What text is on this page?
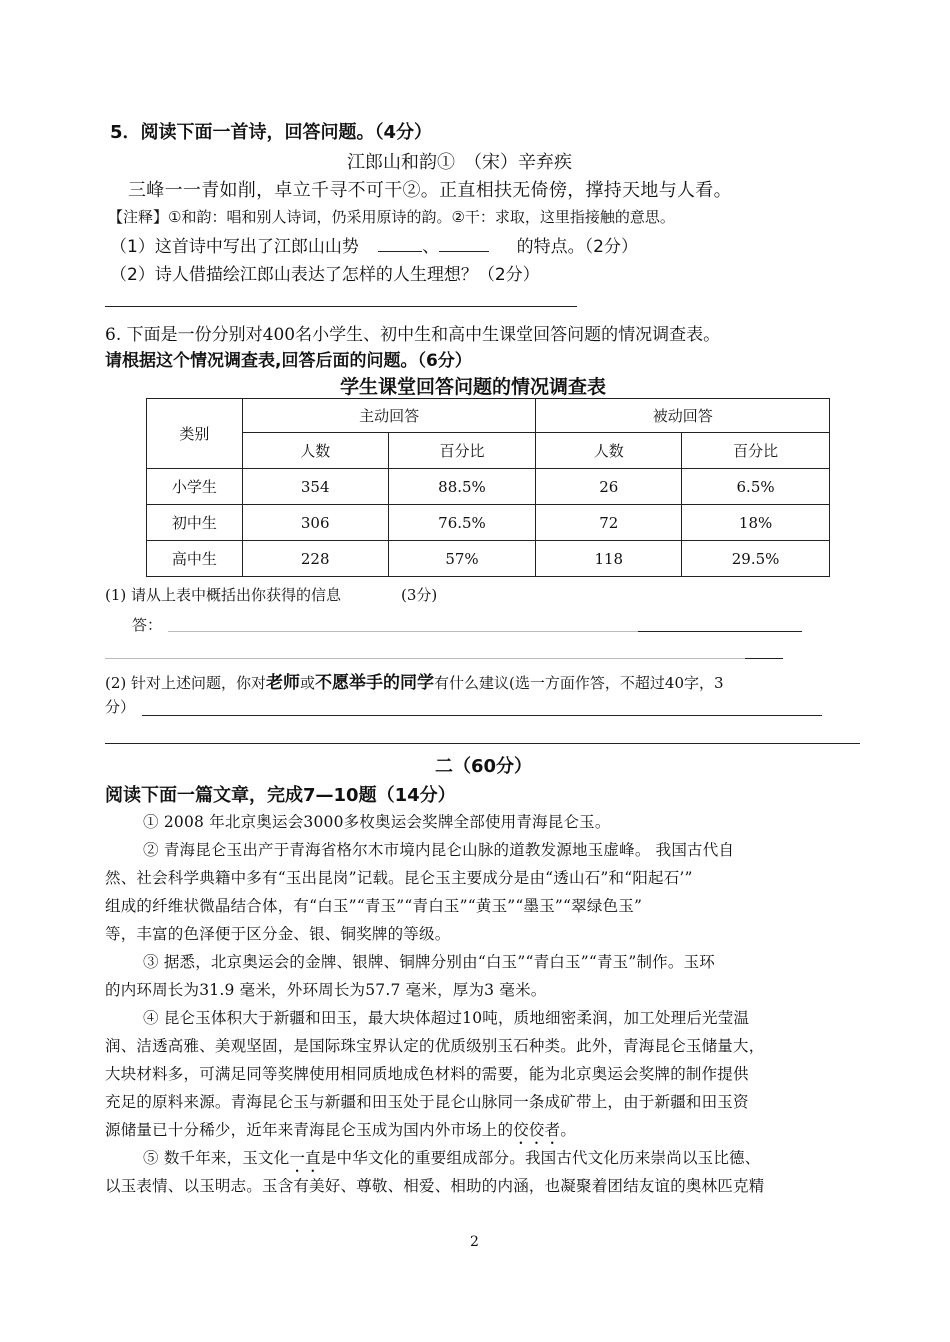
5．阅读下面一首诗，回答问题。（4分）
江郎山和韵①　（宋）辛弃疾
三峰一一青如削，卓立千寻不可干②。正直相扶无倚傍，撑持天地与人看。
【注释】①和韵：唱和别人诗词，仍采用原诗的韵。②干：求取，这里指接触的意思。
（1）这首诗中写出了江郎山山势	、	的特点。（2分）
（2）诗人借描绘江郎山表达了怎样的人生理想？（2分）
6. 下面是一份分别对400名小学生、初中生和高中生课堂回答问题的情况调查表。
请根据这个情况调查表,回答后面的问题。（6分）
学生课堂回答问题的情况调查表
类别	主动回答		被动回答	
	人数	百分比	人数	百分比
小学生	354	88.5%	26	6.5%
初中生	306	76.5%	72	18%
高中生	228	57%	118	29.5%
(1) 请从上表中概括出你获得的信息　　　　(3分)
答：
(2) 针对上述问题，你对老师或不愿举手的同学有什么建议(选一方面作答，不超过40字，3
分）
二（60分）
阅读下面一篇文章，完成7—10题（14分）
① 2008 年北京奥运会3000多枚奥运会奖牌全部使用青海昆仑玉。
② 青海昆仑玉出产于青海省格尔木市境内昆仑山脉的道教发源地玉虚峰。 我国古代自
然、社会科学典籍中多有“玉出昆岗”记载。昆仑玉主要成分是由“透山石”和“阳起石’”
组成的纤维状微晶结合体，有“白玉”“青玉”“青白玉”“黄玉”“墨玉”“翠绿色玉”
等，丰富的色泽便于区分金、银、铜奖牌的等级。
③ 据悉，北京奥运会的金牌、银牌、铜牌分别由“白玉”“青白玉”“青玉”制作。玉环
的内环周长为31.9 毫米，外环周长为57.7 毫米，厚为3 毫米。
④ 昆仑玉体积大于新疆和田玉，最大块体超过10吨，质地细密柔润，加工处理后光莹温
润、洁透高雅、美观坚固，是国际珠宝界认定的优质级别玉石种类。此外，青海昆仑玉储量大，
大块材料多，可满足同等奖牌使用相同质地成色材料的需要，能为北京奥运会奖牌的制作提供
充足的原料来源。青海昆仑玉与新疆和田玉处于昆仑山脉同一条成矿带上，由于新疆和田玉资
源储量已十分稀少，近年来青海昆仑玉成为国内外市场上的佼佼者。
⑤ 数千年来，玉文化一直是中华文化的重要组成部分。我国古代文化历来崇尚以玉比德、
以玉表情、以玉明志。玉含有美好、尊敬、相爱、相助的内涵，也凝聚着团结友谊的奥林匹克精
2
